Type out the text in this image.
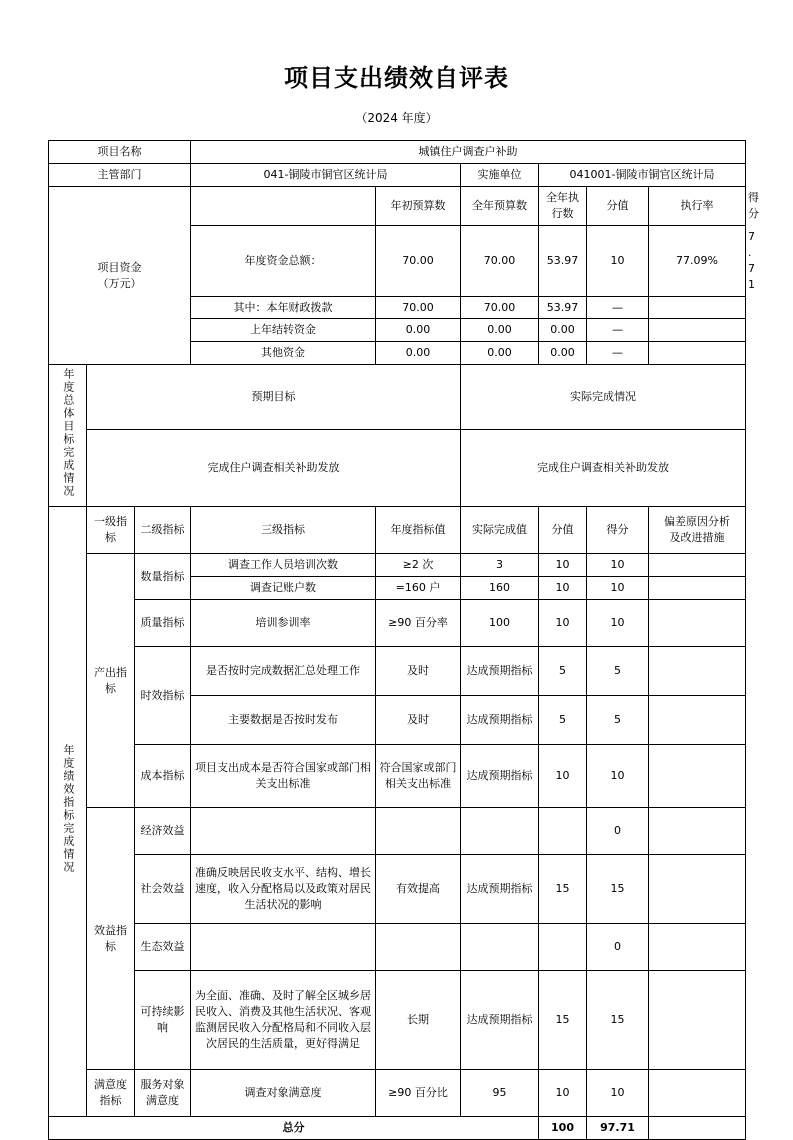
项目支出绩效自评表
（2024 年度）
项目名称			城镇住户调查户补助						
主管部门			041-铜陵市铜官区统计局		实施单位	041001-铜陵市铜官区统计局			

项目资金
（万元）				年初预算数	全年预算数	全年执行数	分值	执行率	得分
			年度资金总额：	70.00	70.00	53.97	10	77.09%	7.71
			其中：本年财政拨款	70.00	70.00	53.97	—		
			上年结转资金	0.00	0.00	0.00	—		
			其他资金	0.00	0.00	0.00	—		
年度总体目标完成情况	预期目标				实际完成情况				
	完成住户调查相关补助发放				完成住户调查相关补助发放				
年度绩效指标完成情况	一级指标	二级指标	三级指标	年度指标值	实际完成值	分值	得分	偏差原因分析
及改进措施	

	产出指标	数量指标	调查工作人员培训次数	≥2 次	3	10	10		
			调查记账户数	=160 户	160	10	10		
		质量指标	培训参训率	≥90 百分率	100	10	10		
		时效指标	是否按时完成数据汇总处理工作	及时	达成预期指标	5	5		
			主要数据是否按时发布	及时	达成预期指标	5	5		
		成本指标	项目支出成本是否符合国家或部门相关支出标准	符合国家或部门相关支出标准	达成预期指标	10	10		
	效益指标	经济效益					0		
		社会效益	准确反映居民收支水平、结构、增长速度，收入分配格局以及政策对居民生活状况的影响	有效提高	达成预期指标	15	15		
		生态效益					0		
		可持续影响	为全面、准确、及时了解全区城乡居民收入、消费及其他生活状况、客观监测居民收入分配格局和不同收入层次居民的生活质量，更好得满足	长期	达成预期指标	15	15		
	满意度指标	服务对象满意度	调查对象满意度	≥90 百分比	95	10	10		
总分						100	97.71		
